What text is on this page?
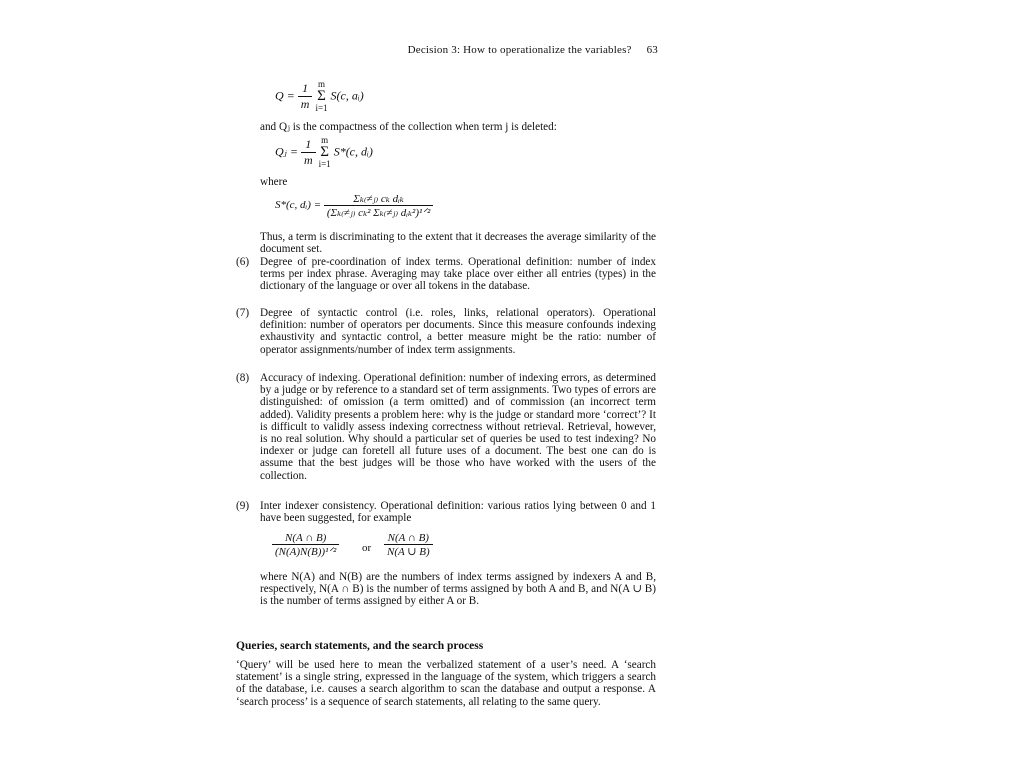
Decision 3: How to operationalize the variables? 63
$Q = \frac{1}{m}$ m
Σ
i=1 S(c, aᵢ)
and Qⱼ is the compactness of the collection when term j is deleted:
Qⱼ = $\frac{1}{m}$ m
Σ
i=1 S*(c, dᵢ)
where
S*(c, dᵢ) = $\frac{\text{Σₖ₍≠ⱼ₎ cₖ dᵢₖ}}{\text{(Σₖ₍≠ⱼ₎ cₖ² Σₖ₍≠ⱼ₎ dᵢₖ²)¹ᐟ²}}$
Thus, a term is discriminating to the extent that it decreases the average similarity of the document set.
(6) Degree of pre-coordination of index terms. Operational definition: number of index terms per index phrase. Averaging may take place over either all entries (types) in the dictionary of the language or over all tokens in the database.
(7) Degree of syntactic control (i.e. roles, links, relational operators). Operational definition: number of operators per documents. Since this measure confounds indexing exhaustivity and syntactic control, a better measure might be the ratio: number of operator assignments/number of index term assignments.
(8) Accuracy of indexing. Operational definition: number of indexing errors, as determined by a judge or by reference to a standard set of term assignments. Two types of errors are distinguished: of omission (a term omitted) and of commission (an incorrect term added). Validity presents a problem here: why is the judge or standard more ‘correct’? It is difficult to validly assess indexing correctness without retrieval. Retrieval, however, is no real solution. Why should a particular set of queries be used to test indexing? No indexer or judge can foretell all future uses of a document. The best one can do is assume that the best judges will be those who have worked with the users of the collection.
(9) Inter indexer consistency. Operational definition: various ratios lying between 0 and 1 have been suggested, for example
$\frac{N(A \cap B)}{\text{(N(A)N(B))¹ᐟ²}}$ or $\frac{N(A \cap B)}{N(A \cup B)}$
where N(A) and N(B) are the numbers of index terms assigned by indexers A and B, respectively, N(A ∩ B) is the number of terms assigned by both A and B, and N(A ∪ B) is the number of terms assigned by either A or B.
Queries, search statements, and the search process
‘Query’ will be used here to mean the verbalized statement of a user’s need. A ‘search statement’ is a single string, expressed in the language of the system, which triggers a search of the database, i.e. causes a search algorithm to scan the database and output a response. A ‘search process’ is a sequence of search statements, all relating to the same query.
